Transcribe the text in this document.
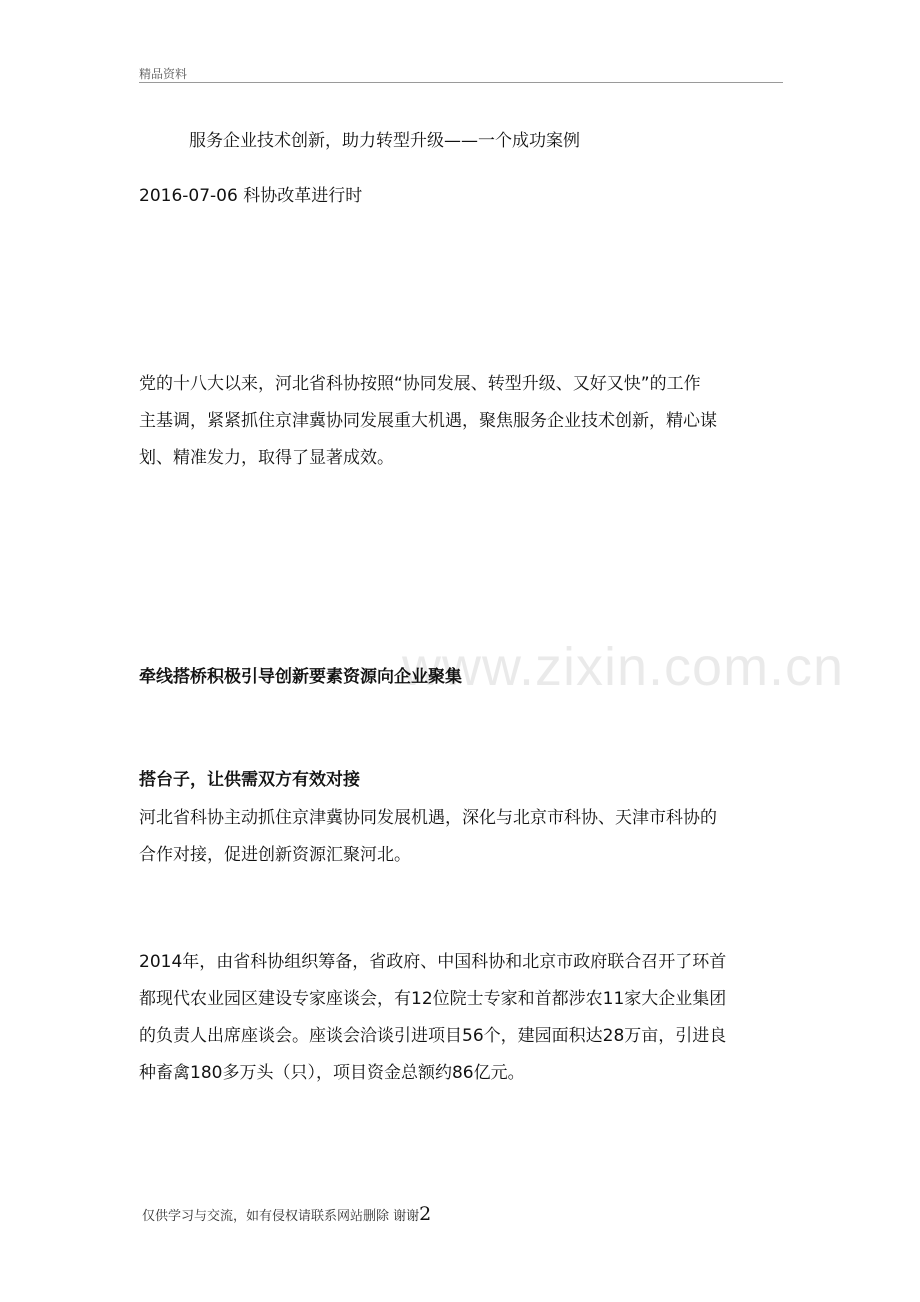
精品资料
服务企业技术创新，助力转型升级——一个成功案例
2016-07-06 科协改革进行时
党的十八大以来，河北省科协按照“协同发展、转型升级、又好又快”的工作
主基调，紧紧抓住京津冀协同发展重大机遇，聚焦服务企业技术创新，精心谋
划、精准发力，取得了显著成效。
www.zixin.com.cn
牵线搭桥积极引导创新要素资源向企业聚集
搭台子，让供需双方有效对接
河北省科协主动抓住京津冀协同发展机遇，深化与北京市科协、天津市科协的
合作对接，促进创新资源汇聚河北。
2014年，由省科协组织筹备，省政府、中国科协和北京市政府联合召开了环首
都现代农业园区建设专家座谈会，有12位院士专家和首都涉农11家大企业集团
的负责人出席座谈会。座谈会洽谈引进项目56个，建园面积达28万亩，引进良
种畜禽180多万头（只），项目资金总额约86亿元。
仅供学习与交流，如有侵权请联系网站删除 谢谢2
